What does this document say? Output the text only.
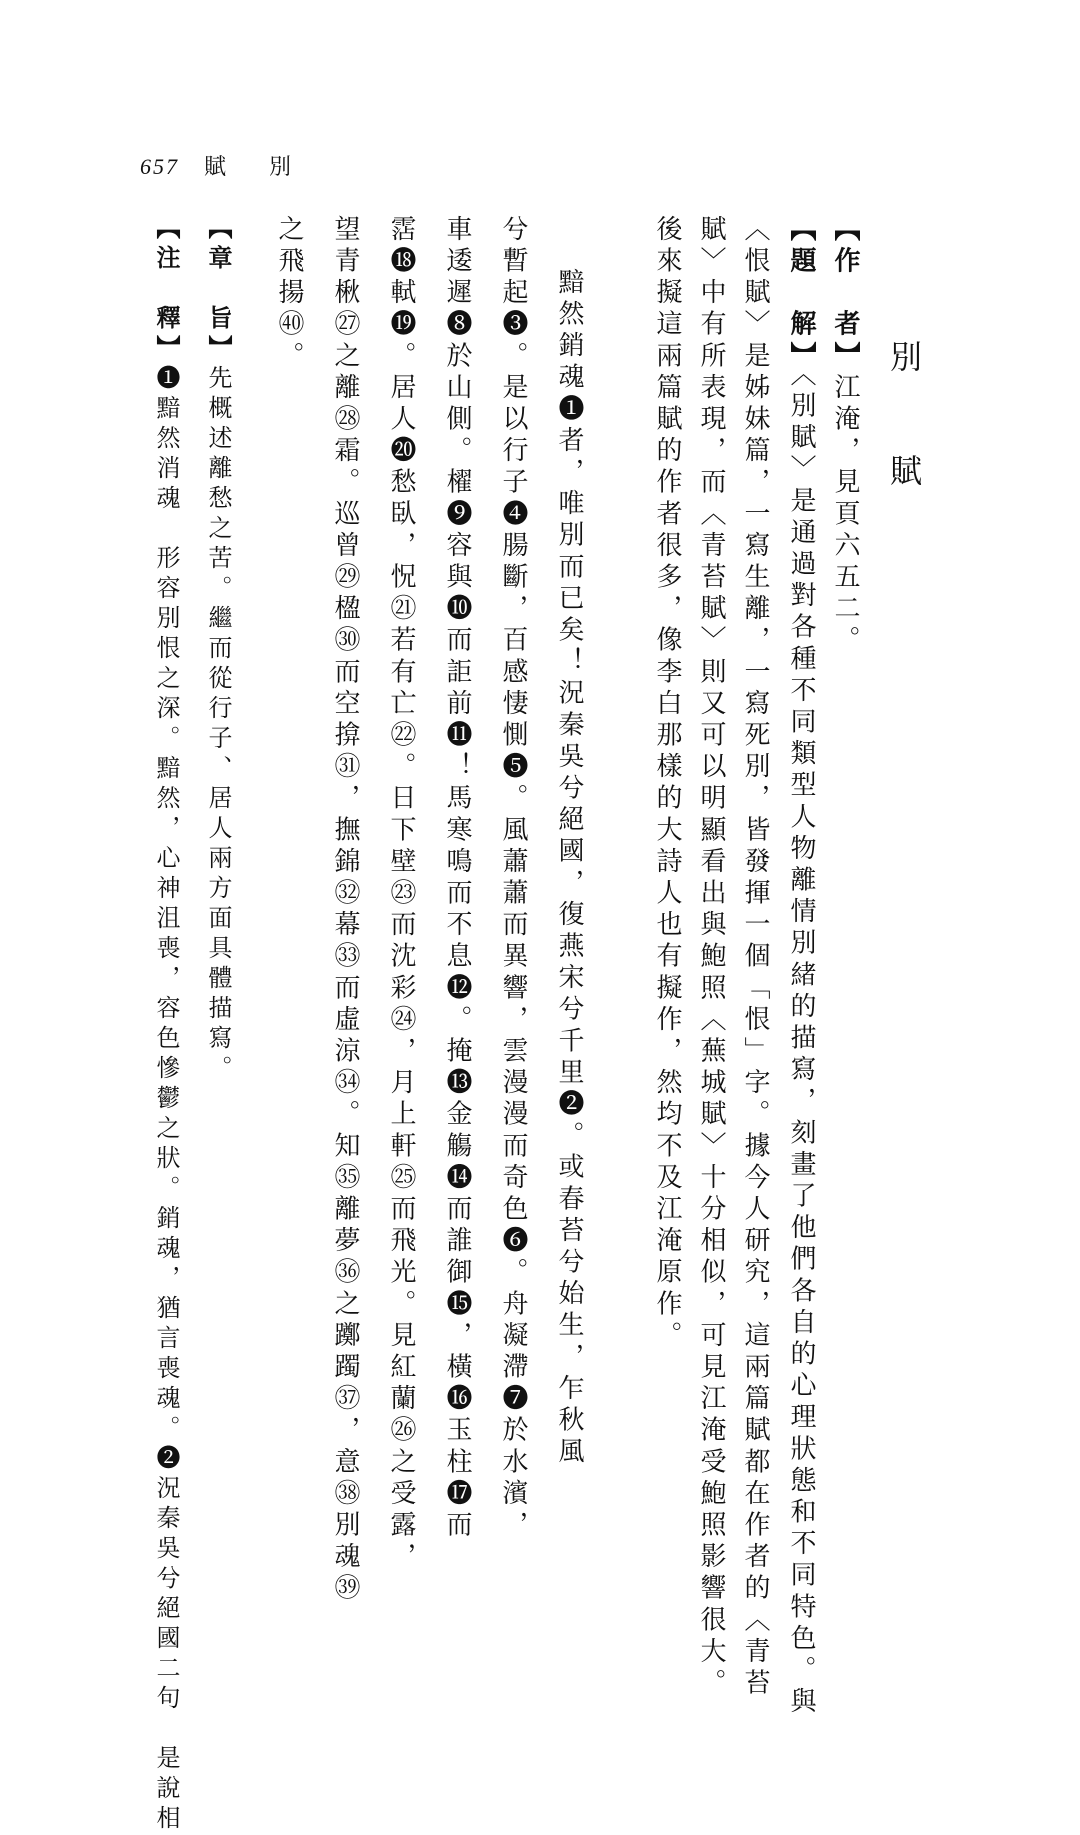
657 賦 別
別 賦
【作　者】江淹，見頁六五二。
【題　解】〈別賦〉是通過對各種不同類型人物離情別緒的描寫，刻畫了他們各自的心理狀態和不同特色。與
〈恨賦〉是姊妹篇，一寫生離，一寫死別，皆發揮一個「恨」字。據今人研究，這兩篇賦都在作者的〈青苔
賦〉中有所表現，而〈青苔賦〉則又可以明顯看出與鮑照〈蕪城賦〉十分相似，可見江淹受鮑照影響很大。
後來擬這兩篇賦的作者很多，像李白那樣的大詩人也有擬作，然均不及江淹原作。
黯然銷魂❶者，唯別而已矣！況秦吳兮絕國，復燕宋兮千里❷。或春苔兮始生，乍秋風
兮暫起❸。是以行子❹腸斷，百感悽惻❺。風蕭蕭而異響，雲漫漫而奇色❻。舟凝滯❼於水濱，
車逶遲❽於山側。櫂❾容與❿而詎前⓫！馬寒鳴而不息⓬。掩⓭金觴⓮而誰御⓯，橫⓰玉柱⓱而
霑⓲軾⓳。居人⓴愁臥，怳㉑若有亡㉒。日下壁㉓而沈彩㉔，月上軒㉕而飛光。見紅蘭㉖之受露，
望青楸㉗之離㉘霜。巡曾㉙楹㉚而空揜㉛，撫錦㉜幕㉝而虛涼㉞。知㉟離夢㊱之躑躅㊲，意㊳別魂㊴
之飛揚㊵。
【章　旨】先概述離愁之苦。繼而從行子、居人兩方面具體描寫。
【注　釋】❶黯然消魂　形容別恨之深。黯然，心神沮喪，容色慘鬱之狀。銷魂，猶言喪魂。❷況秦吳兮絕國二句　是說相
